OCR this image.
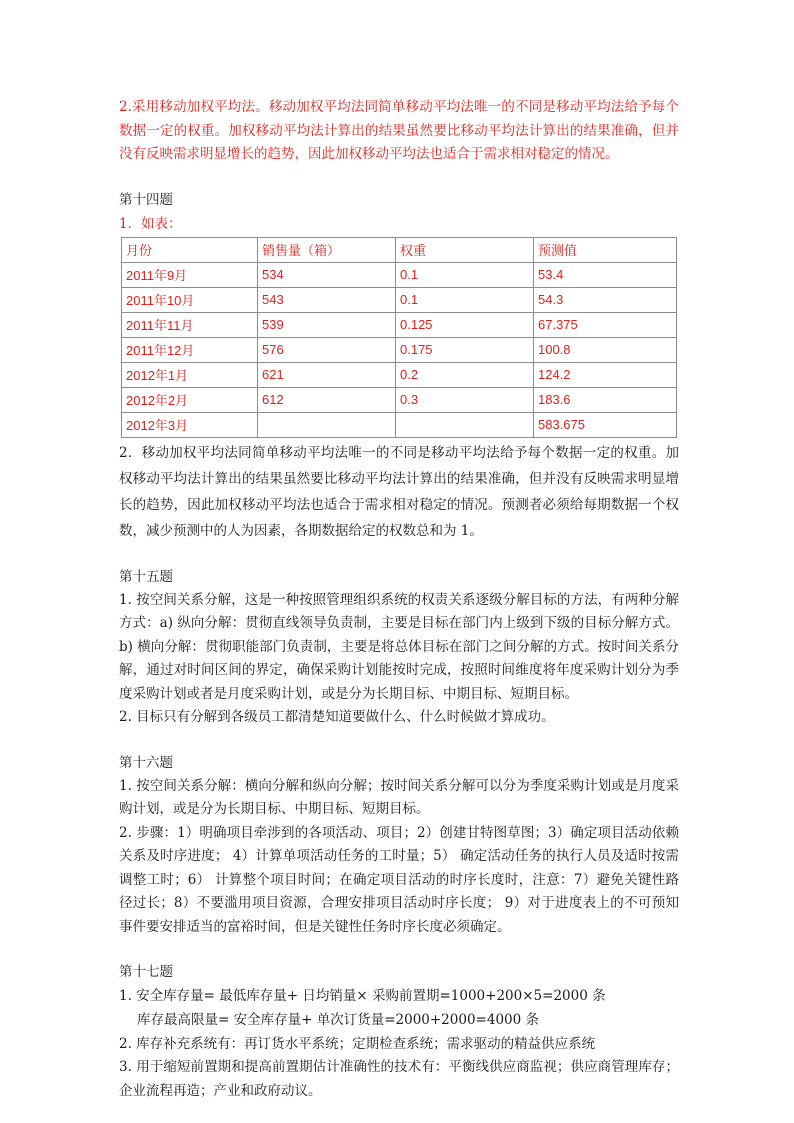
2.采用移动加权平均法。移动加权平均法同简单移动平均法唯一的不同是移动平均法给予每个数据一定的权重。加权移动平均法计算出的结果虽然要比移动平均法计算出的结果准确，但并没有反映需求明显增长的趋势，因此加权移动平均法也适合于需求相对稳定的情况。

第十四题

1．如表：

月份	销售量（箱）	权重	预测值
2011年9月	534	0.1	53.4
2011年10月	543	0.1	54.3
2011年11月	539	0.125	67.375
2011年12月	576	0.175	100.8
2012年1月	621	0.2	124.2
2012年2月	612	0.3	183.6
2012年3月			583.675

2．移动加权平均法同简单移动平均法唯一的不同是移动平均法给予每个数据一定的权重。加权移动平均法计算出的结果虽然要比移动平均法计算出的结果准确，但并没有反映需求明显增长的趋势，因此加权移动平均法也适合于需求相对稳定的情况。预测者必须给每期数据一个权数，减少预测中的人为因素，各期数据给定的权数总和为 1。

第十五题

1. 按空间关系分解，这是一种按照管理组织系统的权责关系逐级分解目标的方法，有两种分解方式：a) 纵向分解：贯彻直线领导负责制，主要是目标在部门内上级到下级的目标分解方式。b) 横向分解：贯彻职能部门负责制，主要是将总体目标在部门之间分解的方式。按时间关系分解，通过对时间区间的界定，确保采购计划能按时完成，按照时间维度将年度采购计划分为季度采购计划或者是月度采购计划，或是分为长期目标、中期目标、短期目标。

2. 目标只有分解到各级员工都清楚知道要做什么、什么时候做才算成功。

第十六题

1. 按空间关系分解：横向分解和纵向分解；按时间关系分解可以分为季度采购计划或是月度采购计划，或是分为长期目标、中期目标、短期目标。

2. 步骤：1）明确项目牵涉到的各项活动、项目；2）创建甘特图草图；3）确定项目活动依赖关系及时序进度； 4）计算单项活动任务的工时量；5） 确定活动任务的执行人员及适时按需调整工时；6） 计算整个项目时间；在确定项目活动的时序长度时，注意：7）避免关键性路径过长；8）不要滥用项目资源，合理安排项目活动时序长度； 9）对于进度表上的不可预知事件要安排适当的富裕时间，但是关键性任务时序长度必须确定。

第十七题

1. 安全库存量= 最低库存量+ 日均销量× 采购前置期=1000+200×5=2000 条

库存最高限量= 安全库存量+ 单次订货量=2000+2000=4000 条

2. 库存补充系统有：再订货水平系统；定期检查系统；需求驱动的精益供应系统

3. 用于缩短前置期和提高前置期估计准确性的技术有：平衡线供应商监视；供应商管理库存；企业流程再造；产业和政府动议。
